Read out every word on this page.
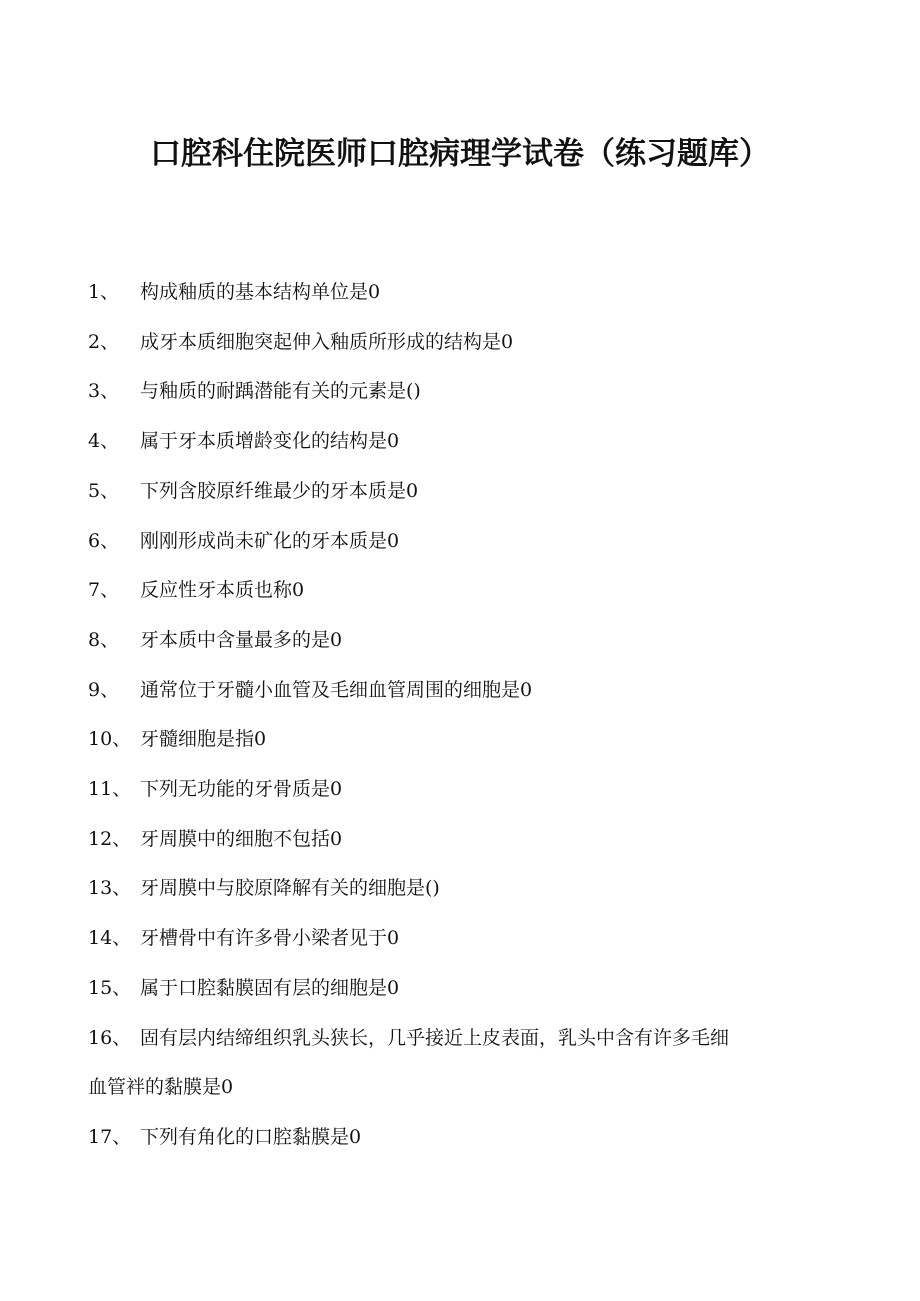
口腔科住院医师口腔病理学试卷（练习题库）
1、 构成釉质的基本结构单位是0
2、 成牙本质细胞突起伸入釉质所形成的结构是0
3、 与釉质的耐踽潜能有关的元素是()
4、 属于牙本质增龄变化的结构是0
5、 下列含胶原纤维最少的牙本质是0
6、 刚刚形成尚未矿化的牙本质是0
7、 反应性牙本质也称0
8、 牙本质中含量最多的是0
9、 通常位于牙髓小血管及毛细血管周围的细胞是0
10、 牙髓细胞是指0
11、 下列无功能的牙骨质是0
12、 牙周膜中的细胞不包括0
13、 牙周膜中与胶原降解有关的细胞是()
14、 牙槽骨中有许多骨小梁者见于0
15、 属于口腔黏膜固有层的细胞是0
16、 固有层内结缔组织乳头狭长，几乎接近上皮表面，乳头中含有许多毛细
血管袢的黏膜是0
17、 下列有角化的口腔黏膜是0
